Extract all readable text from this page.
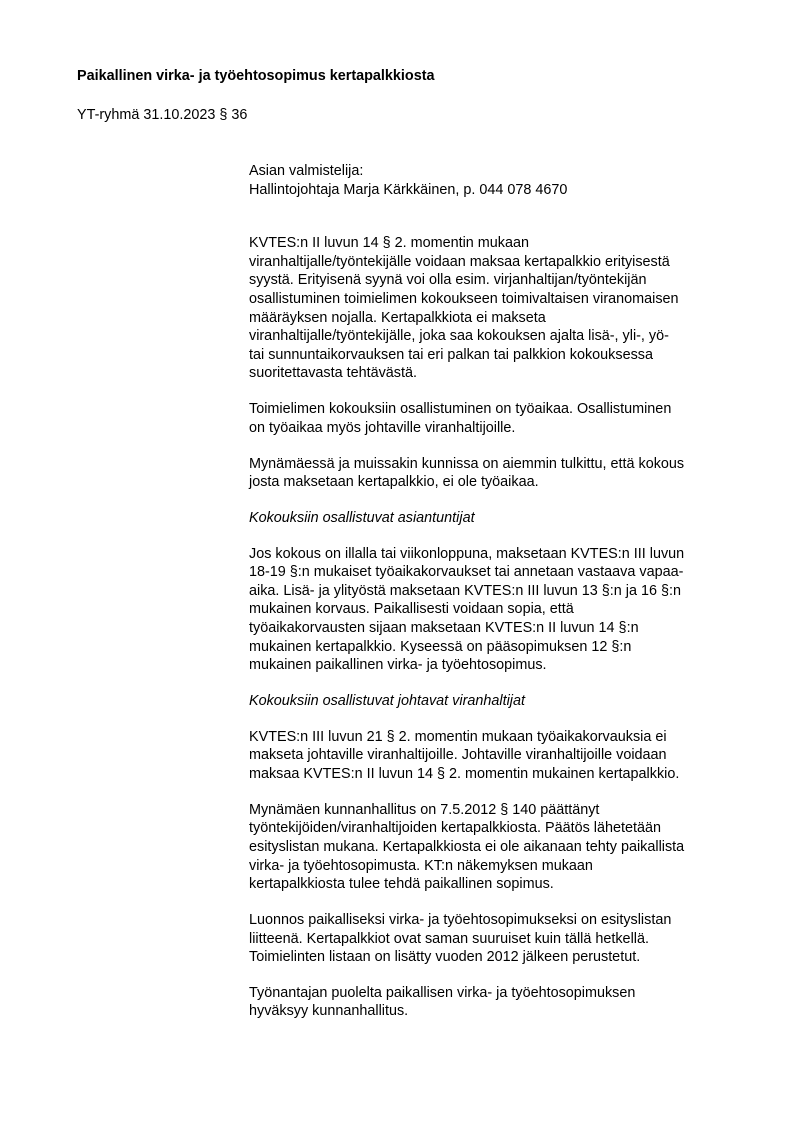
Paikallinen virka- ja työehtosopimus kertapalkkiosta
YT-ryhmä 31.10.2023 § 36
Asian valmistelija:
Hallintojohtaja Marja Kärkkäinen, p. 044 078 4670
KVTES:n II luvun 14 § 2. momentin mukaan
viranhaltijalle/työntekijälle voidaan maksaa kertapalkkio erityisestä
syystä. Erityisenä syynä voi olla esim. virjanhaltijan/työntekijän
osallistuminen toimielimen kokoukseen toimivaltaisen viranomaisen
määräyksen nojalla. Kertapalkkiota ei makseta
viranhaltijalle/työntekijälle, joka saa kokouksen ajalta lisä-, yli-, yö-
tai sunnuntaikorvauksen tai eri palkan tai palkkion kokouksessa
suoritettavasta tehtävästä.
Toimielimen kokouksiin osallistuminen on työaikaa. Osallistuminen
on työaikaa myös johtaville viranhaltijoille.
Mynämäessä ja muissakin kunnissa on aiemmin tulkittu, että kokous
josta maksetaan kertapalkkio, ei ole työaikaa.
Kokouksiin osallistuvat asiantuntijat
Jos kokous on illalla tai viikonloppuna, maksetaan KVTES:n III luvun
18-19 §:n mukaiset työaikakorvaukset tai annetaan vastaava vapaa-
aika. Lisä- ja ylityöstä maksetaan KVTES:n III luvun 13 §:n ja 16 §:n
mukainen korvaus. Paikallisesti voidaan sopia, että
työaikakorvausten sijaan maksetaan KVTES:n II luvun 14 §:n
mukainen kertapalkkio. Kyseessä on pääsopimuksen 12 §:n
mukainen paikallinen virka- ja työehtosopimus.
Kokouksiin osallistuvat johtavat viranhaltijat
KVTES:n III luvun 21 § 2. momentin mukaan työaikakorvauksia ei
makseta johtaville viranhaltijoille. Johtaville viranhaltijoille voidaan
maksaa KVTES:n II luvun 14 § 2. momentin mukainen kertapalkkio.
Mynämäen kunnanhallitus on 7.5.2012 § 140 päättänyt
työntekijöiden/viranhaltijoiden kertapalkkiosta. Päätös lähetetään
esityslistan mukana. Kertapalkkiosta ei ole aikanaan tehty paikallista
virka- ja työehtosopimusta. KT:n näkemyksen mukaan
kertapalkkiosta tulee tehdä paikallinen sopimus.
Luonnos paikalliseksi virka- ja työehtosopimukseksi on esityslistan
liitteenä. Kertapalkkiot ovat saman suuruiset kuin tällä hetkellä.
Toimielinten listaan on lisätty vuoden 2012 jälkeen perustetut.
Työnantajan puolelta paikallisen virka- ja työehtosopimuksen
hyväksyy kunnanhallitus.
